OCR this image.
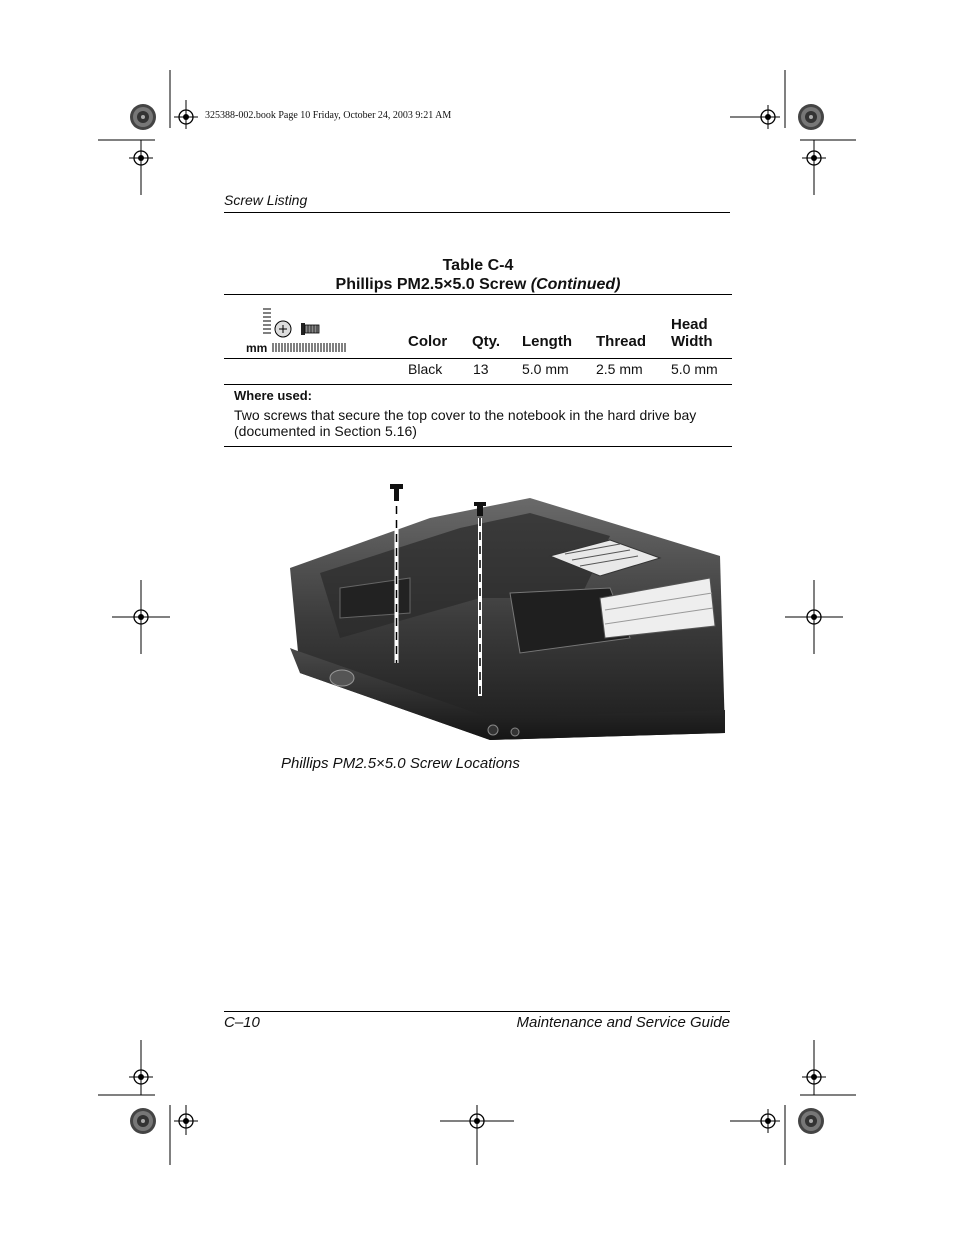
325388-002.book Page 10 Friday, October 24, 2003 9:21 AM
Screw Listing
Table C-4
Phillips PM2.5×5.0 Screw (Continued)
mm	Color Qty. Length Thread
Head
Width
Black 13 5.0 mm 2.5 mm 5.0 mm
Where used:
Two screws that secure the top cover to the notebook in the hard drive bay (documented in Section 5.16)
Phillips PM2.5×5.0 Screw Locations
C–10	Maintenance and Service Guide
